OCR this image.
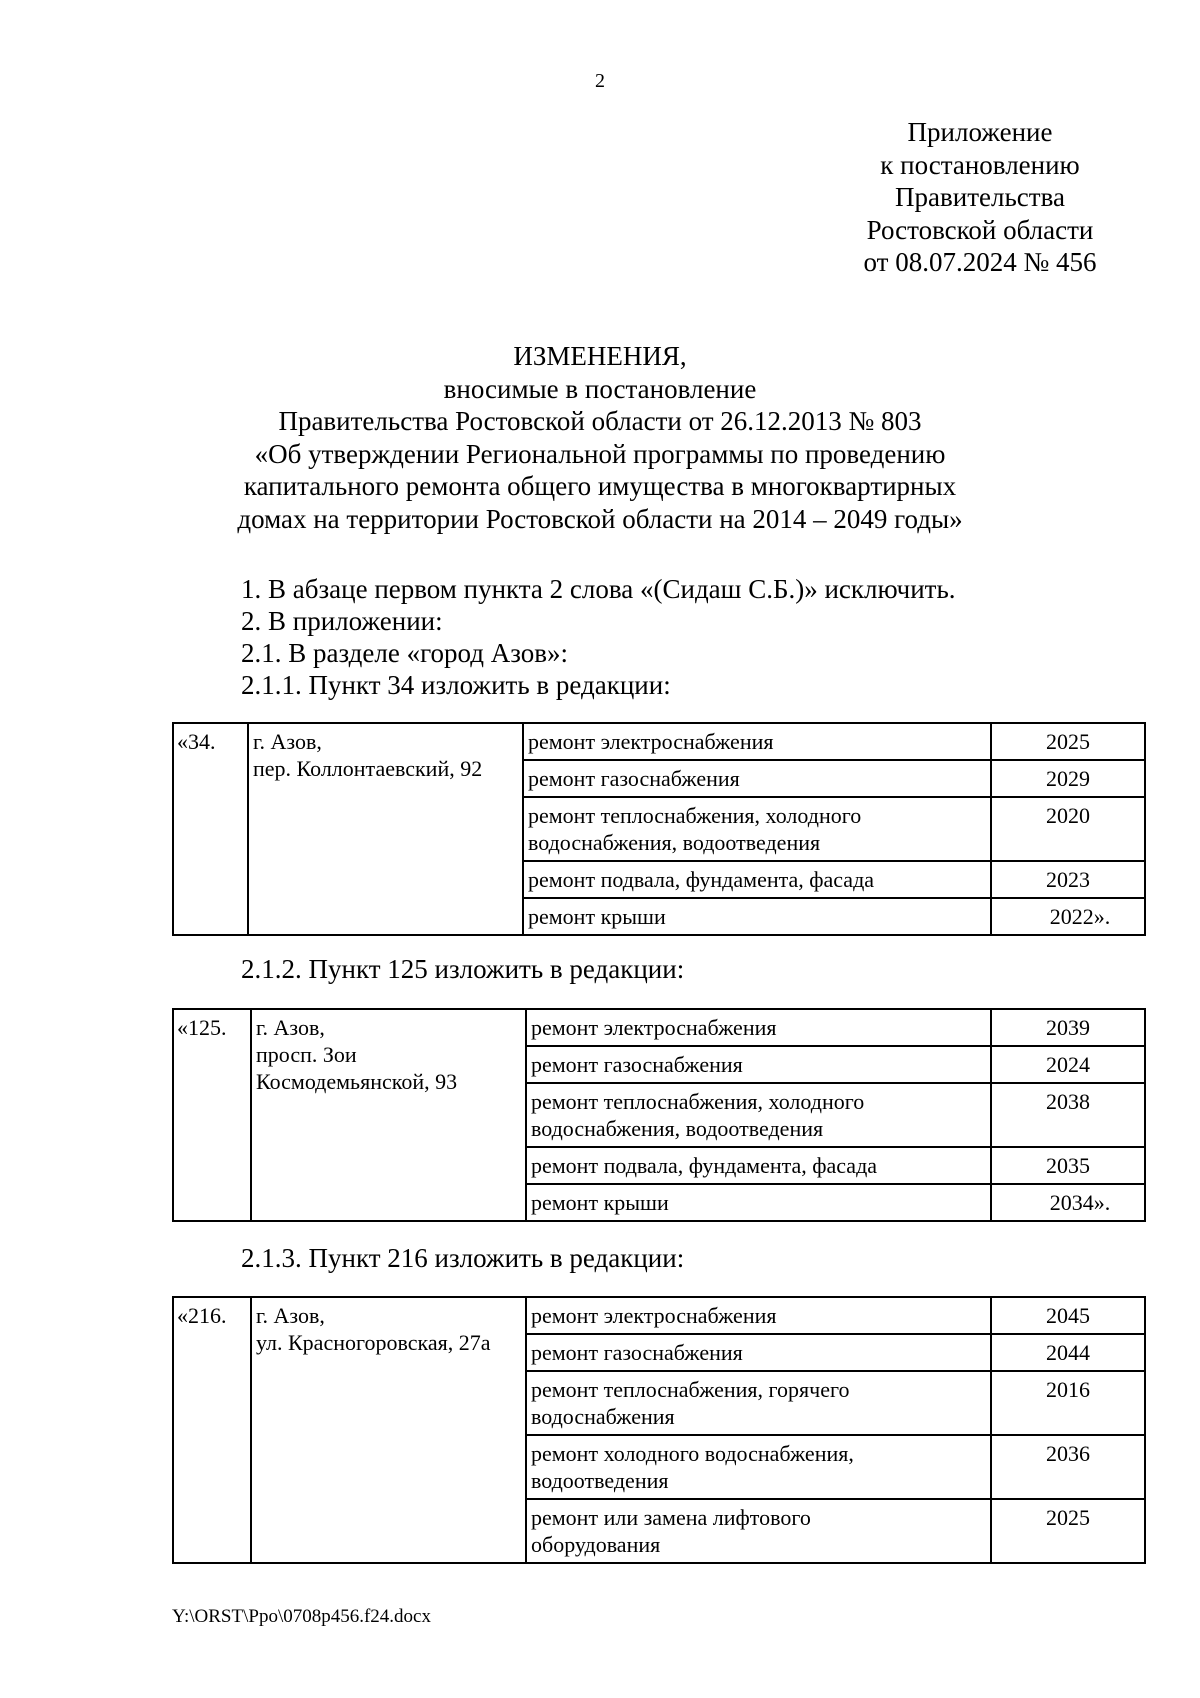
2
Приложение
к постановлению
Правительства
Ростовской области
от 08.07.2024 № 456
ИЗМЕНЕНИЯ,
вносимые в постановление
Правительства Ростовской области от 26.12.2013 № 803
«Об утверждении Региональной программы по проведению
капитального ремонта общего имущества в многоквартирных
домах на территории Ростовской области на 2014 – 2049 годы»
1. В абзаце первом пункта 2 слова «(Сидаш С.Б.)» исключить.
2. В приложении:
2.1. В разделе «город Азов»:
2.1.1. Пункт 34 изложить в редакции:
«34.	г. Азов,
пер. Коллонтаевский, 92	ремонт электроснабжения	2025

		ремонт газоснабжения	2029

		ремонт теплоснабжения, холодного
водоснабжения, водоотведения	2020

		ремонт подвала, фундамента, фасада	2023

		ремонт крыши	2022».
2.1.2. Пункт 125 изложить в редакции:
«125.	г. Азов,
просп. Зои
Космодемьянской, 93	ремонт электроснабжения	2039

		ремонт газоснабжения	2024

		ремонт теплоснабжения, холодного
водоснабжения, водоотведения	2038

		ремонт подвала, фундамента, фасада	2035

		ремонт крыши	2034».
2.1.3. Пункт 216 изложить в редакции:
«216.	г. Азов,
ул. Красногоровская, 27а	ремонт электроснабжения	2045

		ремонт газоснабжения	2044

		ремонт теплоснабжения, горячего
водоснабжения	2016

		ремонт холодного водоснабжения,
водоотведения	2036

		ремонт или замена лифтового
оборудования	2025
Y:\ORST\Ppo\0708p456.f24.docx
